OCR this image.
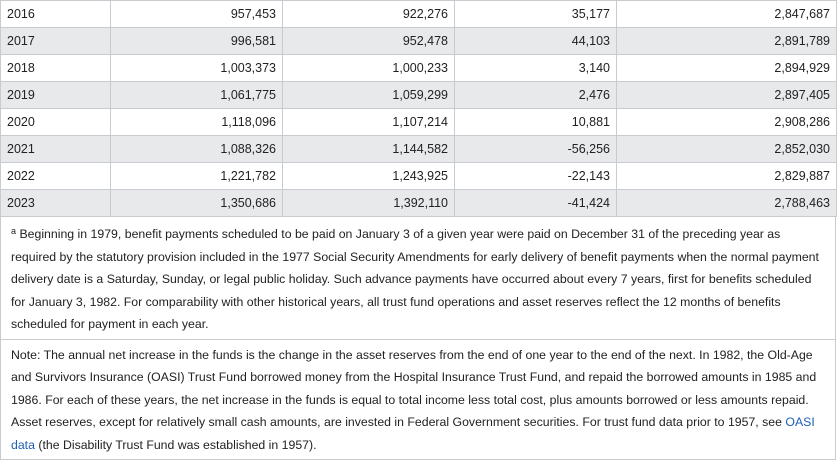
2016	957,453	922,276	35,177	2,847,687
2017	996,581	952,478	44,103	2,891,789
2018	1,003,373	1,000,233	3,140	2,894,929
2019	1,061,775	1,059,299	2,476	2,897,405
2020	1,118,096	1,107,214	10,881	2,908,286
2021	1,088,326	1,144,582	-56,256	2,852,030
2022	1,221,782	1,243,925	-22,143	2,829,887
2023	1,350,686	1,392,110	-41,424	2,788,463
$^a$ Beginning in 1979, benefit payments scheduled to be paid on January 3 of a given year were paid on December 31 of the preceding year as required by the statutory provision included in the 1977 Social Security Amendments for early delivery of benefit payments when the normal payment delivery date is a Saturday, Sunday, or legal public holiday. Such advance payments have occurred about every 7 years, first for benefits scheduled for January 3, 1982. For comparability with other historical years, all trust fund operations and asset reserves reflect the 12 months of benefits scheduled for payment in each year.
Note: The annual net increase in the funds is the change in the asset reserves from the end of one year to the end of the next. In 1982, the Old-Age and Survivors Insurance (OASI) Trust Fund borrowed money from the Hospital Insurance Trust Fund, and repaid the borrowed amounts in 1985 and 1986. For each of these years, the net increase in the funds is equal to total income less total cost, plus amounts borrowed or less amounts repaid. Asset reserves, except for relatively small cash amounts, are invested in Federal Government securities. For trust fund data prior to 1957, see OASI data (the Disability Trust Fund was established in 1957).
